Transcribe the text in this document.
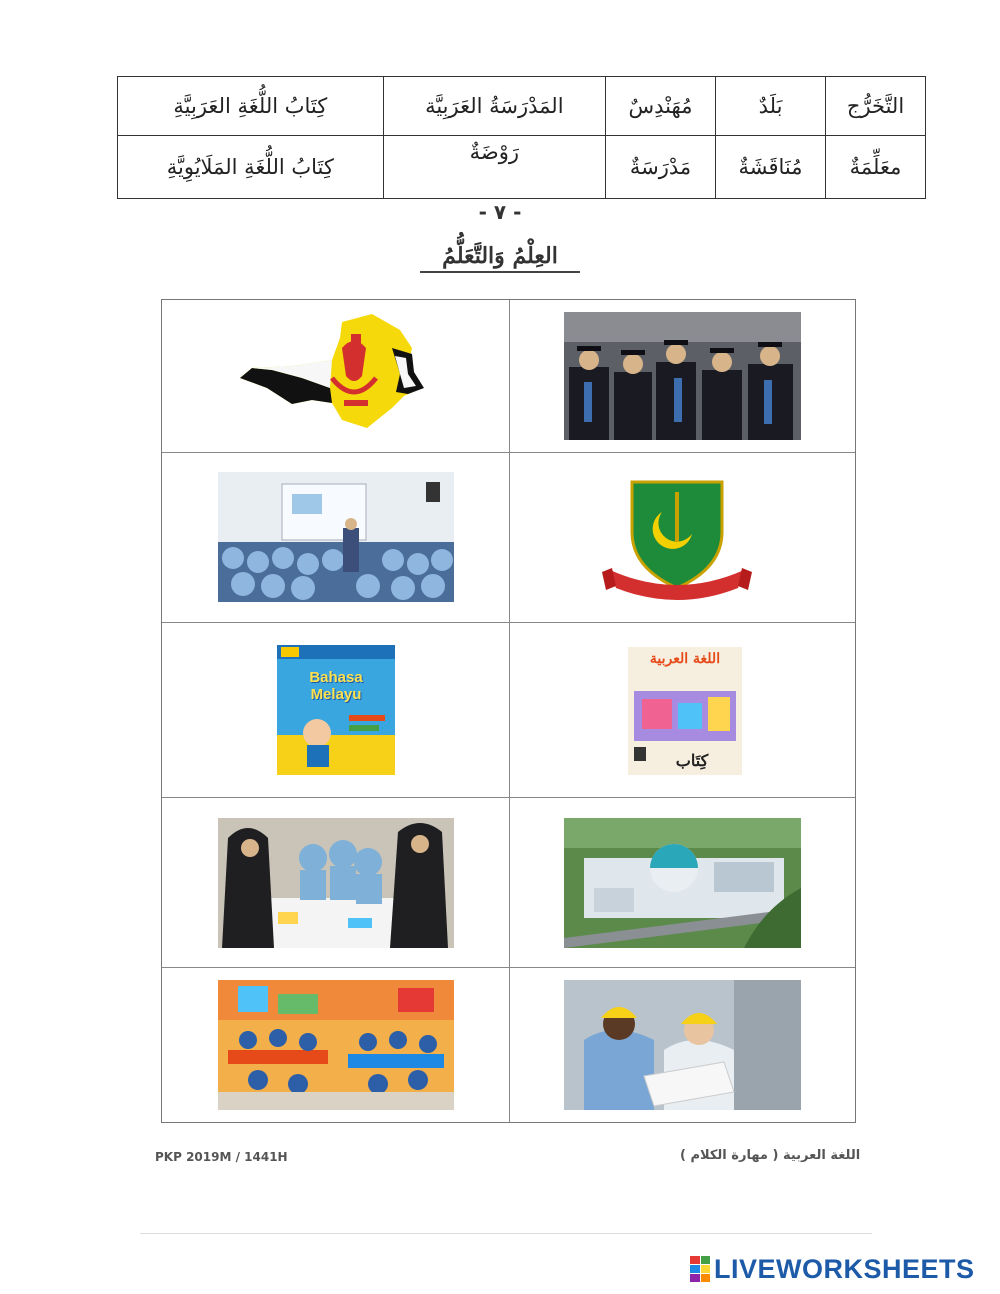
التَّخَرُّج	بَلَدٌ	مُهَنْدِسٌ	المَدْرَسَةُ العَرَبِيَّة	كِتَابُ اللُّغَةِ العَرَبِيَّةِ
معَلِّمَةٌ	مُنَاقَشَةٌ	مَدْرَسَةٌ	رَوْضَةٌ	كِتَابُ اللُّغَةِ المَلَايُوِيَّةِ
- ٧ -
العِلْمُ وَالتَّعَلُّمُ
Bahasa Melayu
اللغة العربية
كِتَاب
PKP 2019M / 1441H	اللغة العربية ( مهارة الكلام )
LIVEWORKSHEETS
